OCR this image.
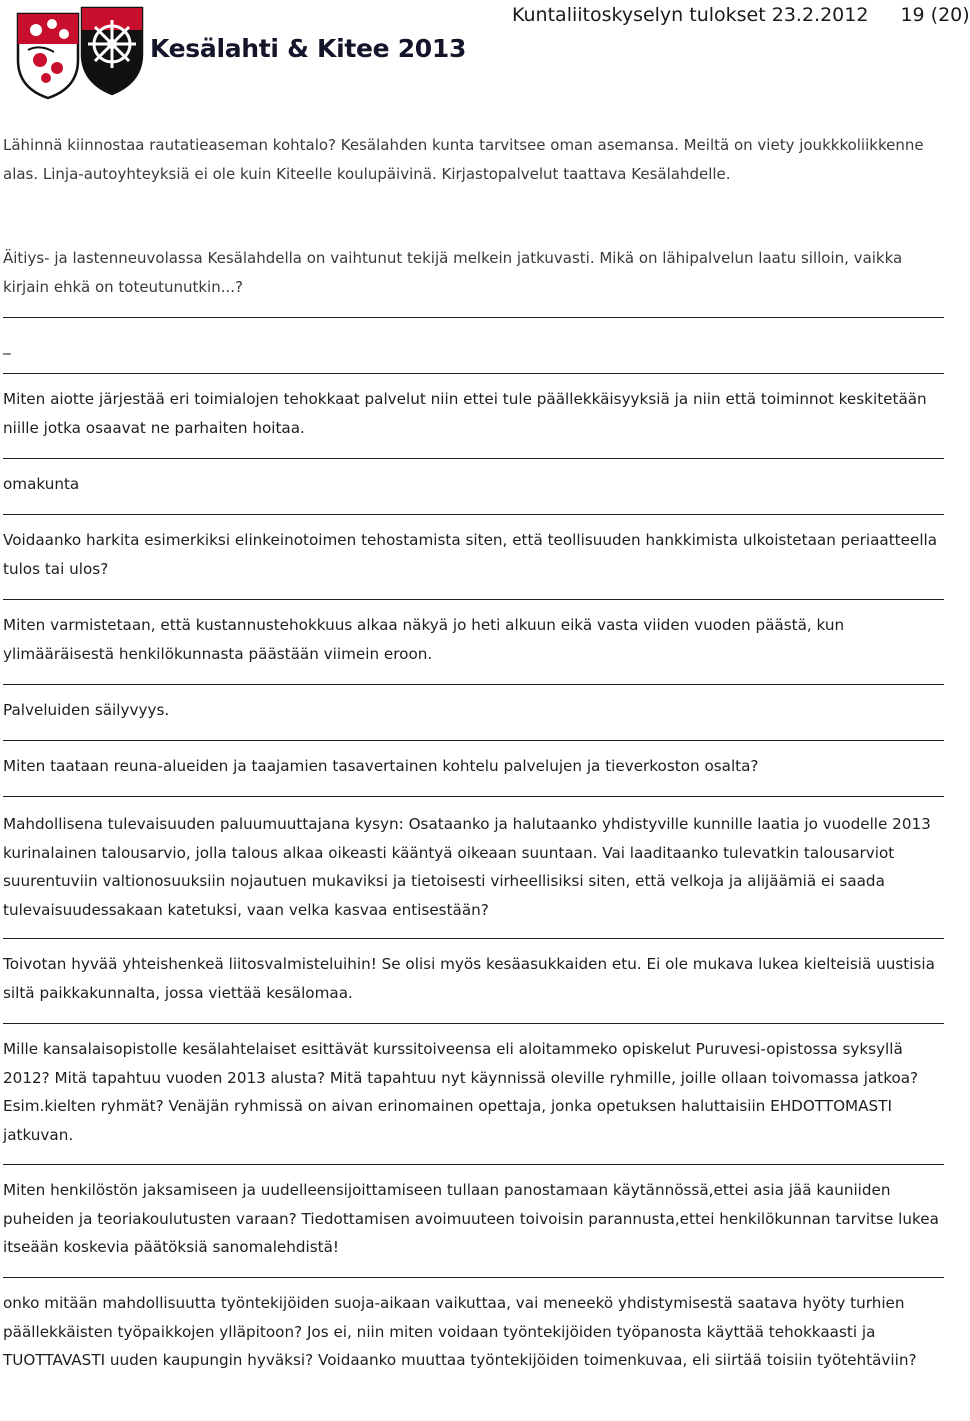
Kesälahti & Kitee 2013
Kuntaliitoskyselyn tulokset 23.2.2012 19 (20)

Lähinnä kiinnostaa rautatieaseman kohtalo? Kesälahden kunta tarvitsee oman asemansa. Meiltä on viety joukkkoliikkenne alas. Linja-autoyhteyksiä ei ole kuin Kiteelle koulupäivinä. Kirjastopalvelut taattava Kesälahdelle.

Äitiys- ja lastenneuvolassa Kesälahdella on vaihtunut tekijä melkein jatkuvasti. Mikä on lähipalvelun laatu silloin, vaikka kirjain ehkä on toteutunutkin...?

_

Miten aiotte järjestää eri toimialojen tehokkaat palvelut niin ettei tule päällekkäisyyksiä ja niin että toiminnot keskitetään niille jotka osaavat ne parhaiten hoitaa.

omakunta

Voidaanko harkita esimerkiksi elinkeinotoimen tehostamista siten, että teollisuuden hankkimista ulkoistetaan periaatteella tulos tai ulos?

Miten varmistetaan, että kustannustehokkuus alkaa näkyä jo heti alkuun eikä vasta viiden vuoden päästä, kun ylimääräisestä henkilökunnasta päästään viimein eroon.

Palveluiden säilyvyys.

Miten taataan reuna-alueiden ja taajamien tasavertainen kohtelu palvelujen ja tieverkoston osalta?

Mahdollisena tulevaisuuden paluumuuttajana kysyn: Osataanko ja halutaanko yhdistyville kunnille laatia jo vuodelle 2013 kurinalainen talousarvio, jolla talous alkaa oikeasti kääntyä oikeaan suuntaan. Vai laaditaanko tulevatkin talousarviot suurentuviin valtionosuuksiin nojautuen mukaviksi ja tietoisesti virheellisiksi siten, että velkoja ja alijäämiä ei saada tulevaisuudessakaan katetuksi, vaan velka kasvaa entisestään?

Toivotan hyvää yhteishenkeä liitosvalmisteluihin! Se olisi myös kesäasukkaiden etu. Ei ole mukava lukea kielteisiä uustisia siltä paikkakunnalta, jossa viettää kesälomaa.

Mille kansalaisopistolle kesälahtelaiset esittävät kurssitoiveensa eli aloitammeko opiskelut Puruvesi-opistossa syksyllä 2012? Mitä tapahtuu vuoden 2013 alusta? Mitä tapahtuu nyt käynnissä oleville ryhmille, joille ollaan toivomassa jatkoa? Esim.kielten ryhmät? Venäjän ryhmissä on aivan erinomainen opettaja, jonka opetuksen haluttaisiin EHDOTTOMASTI jatkuvan.

Miten henkilöstön jaksamiseen ja uudelleensijoittamiseen tullaan panostamaan käytännössä,ettei asia jää kauniiden puheiden ja teoriakoulutusten varaan? Tiedottamisen avoimuuteen toivoisin parannusta,ettei henkilökunnan tarvitse lukea itseään koskevia päätöksiä sanomalehdistä!

onko mitään mahdollisuutta työntekijöiden suoja-aikaan vaikuttaa, vai meneekö yhdistymisestä saatava hyöty turhien päällekkäisten työpaikkojen ylläpitoon? Jos ei, niin miten voidaan työntekijöiden työpanosta käyttää tehokkaasti ja TUOTTAVASTI uuden kaupungin hyväksi? Voidaanko muuttaa työntekijöiden toimenkuvaa, eli siirtää toisiin työtehtäviin?
